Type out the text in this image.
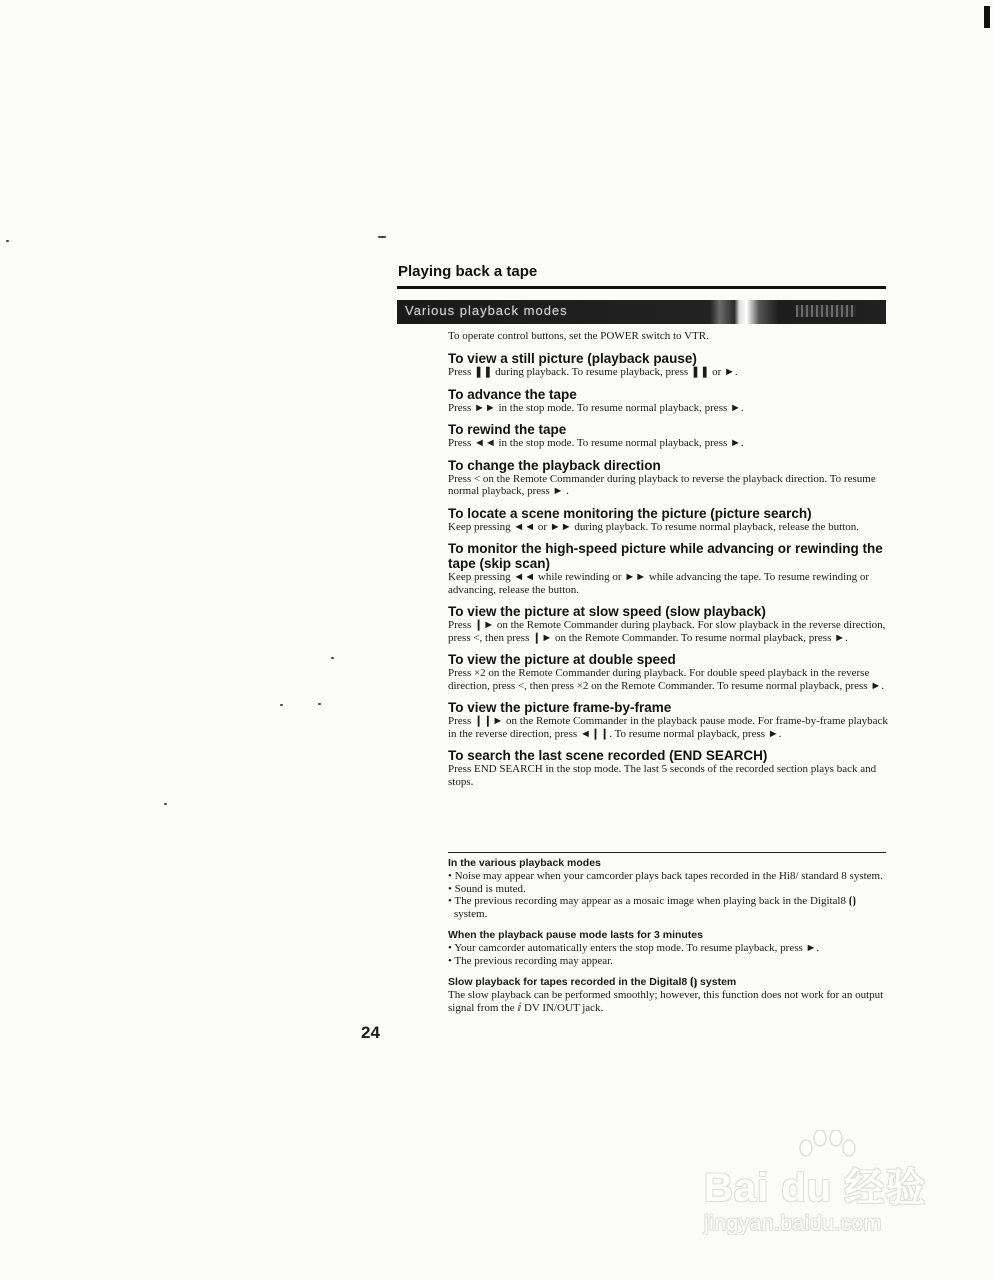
Playing back a tape
Various playback modes
To operate control buttons, set the POWER switch to VTR.
To view a still picture (playback pause)

Press ❚❚ during playback. To resume playback, press ❚❚ or ►.

To advance the tape

Press ►► in the stop mode. To resume normal playback, press ►.

To rewind the tape

Press ◄◄ in the stop mode. To resume normal playback, press ►.

To change the playback direction

Press < on the Remote Commander during playback to reverse the playback direction. To resume normal playback, press ► .

To locate a scene monitoring the picture (picture search)

Keep pressing ◄◄ or ►► during playback. To resume normal playback, release the button.

To monitor the high-speed picture while advancing or rewinding the tape (skip scan)

Keep pressing ◄◄ while rewinding or ►► while advancing the tape. To resume rewinding or advancing, release the button.

To view the picture at slow speed (slow playback)

Press ❙► on the Remote Commander during playback. For slow playback in the reverse direction, press <, then press ❙► on the Remote Commander. To resume normal playback, press ►.

To view the picture at double speed

Press ×2 on the Remote Commander during playback. For double speed playback in the reverse direction, press <, then press ×2 on the Remote Commander. To resume normal playback, press ►.

To view the picture frame-by-frame

Press ❙❙► on the Remote Commander in the playback pause mode. For frame-by-frame playback in the reverse direction, press ◄❙❙. To resume normal playback, press ►.

To search the last scene recorded (END SEARCH)

Press END SEARCH in the stop mode. The last 5 seconds of the recorded section plays back and stops.

In the various playback modes
• Noise may appear when your camcorder plays back tapes recorded in the Hi8/ standard 8 system.
• Sound is muted.
• The previous recording may appear as a mosaic image when playing back in the Digital8 ⦗⦘ system.
When the playback pause mode lasts for 3 minutes
• Your camcorder automatically enters the stop mode. To resume playback, press ►.
• The previous recording may appear.
Slow playback for tapes recorded in the Digital8 ⦗⦘ system

The slow playback can be performed smoothly; however, this function does not work for an output signal from the ⅈ DV IN/OUT jack.

24
Bai du 经验
jingyan.baidu.com
